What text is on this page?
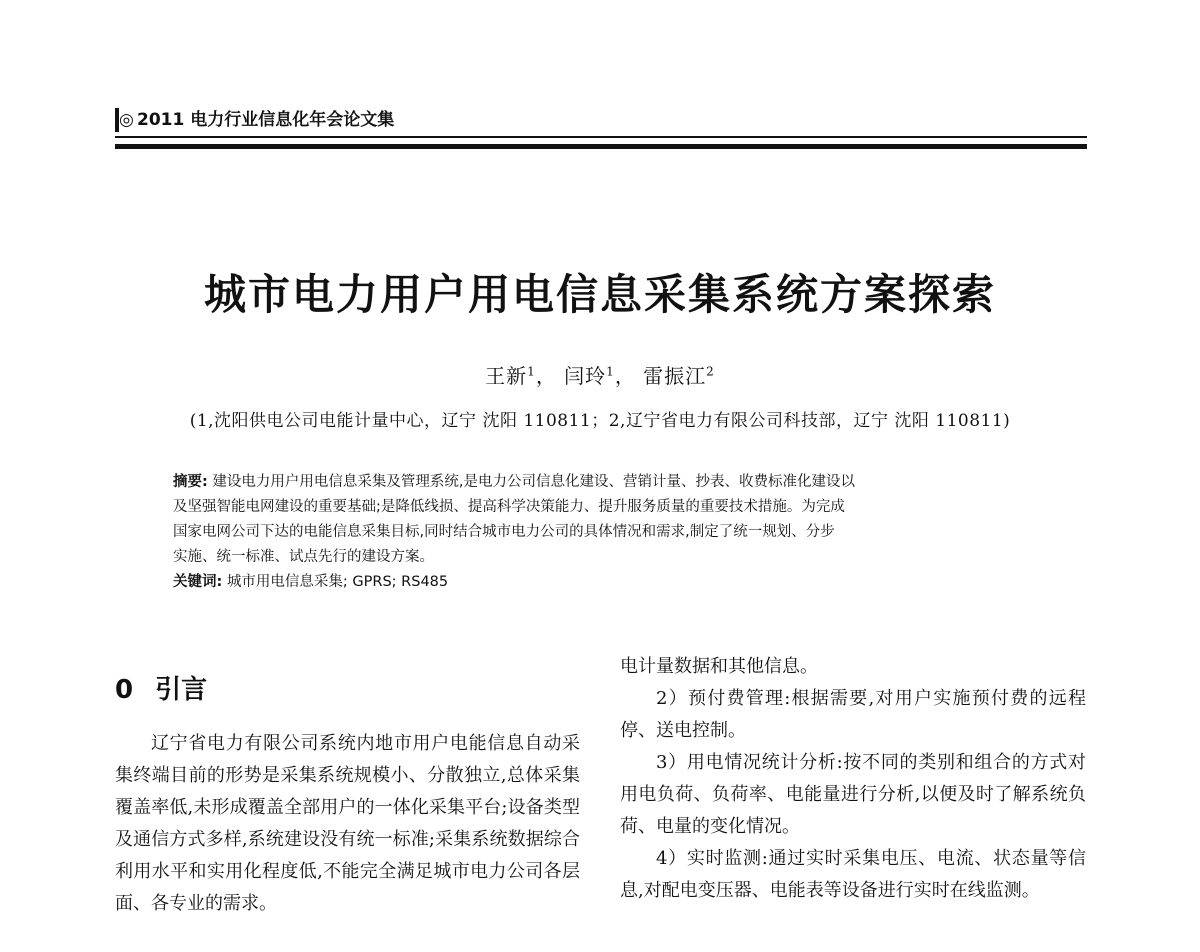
◎ 2011 电力行业信息化年会论文集
城市电力用户用电信息采集系统方案探索
王新$^1$， 闫玲$^1$， 雷振江$^2$
(1,沈阳供电公司电能计量中心，辽宁 沈阳 110811；2,辽宁省电力有限公司科技部，辽宁 沈阳 110811)

摘要: 建设电力用户用电信息采集及管理系统,是电力公司信息化建设、营销计量、抄表、收费标准化建设以

及坚强智能电网建设的重要基础;是降低线损、提高科学决策能力、提升服务质量的重要技术措施。为完成

国家电网公司下达的电能信息采集目标,同时结合城市电力公司的具体情况和需求,制定了统一规划、分步

实施、统一标准、试点先行的建设方案。

关键词: 城市用电信息采集; GPRS; RS485

0 引言

辽宁省电力有限公司系统内地市用户电能信息自动采集终端目前的形势是采集系统规模小、分散独立,总体采集覆盖率低,未形成覆盖全部用户的一体化采集平台;设备类型及通信方式多样,系统建设没有统一标准;采集系统数据综合利用水平和实用化程度低,不能完全满足城市电力公司各层面、各专业的需求。

电计量数据和其他信息。

2）预付费管理:根据需要,对用户实施预付费的远程停、送电控制。

3）用电情况统计分析:按不同的类别和组合的方式对用电负荷、负荷率、电能量进行分析,以便及时了解系统负荷、电量的变化情况。

4）实时监测:通过实时采集电压、电流、状态量等信息,对配电变压器、电能表等设备进行实时在线监测。
